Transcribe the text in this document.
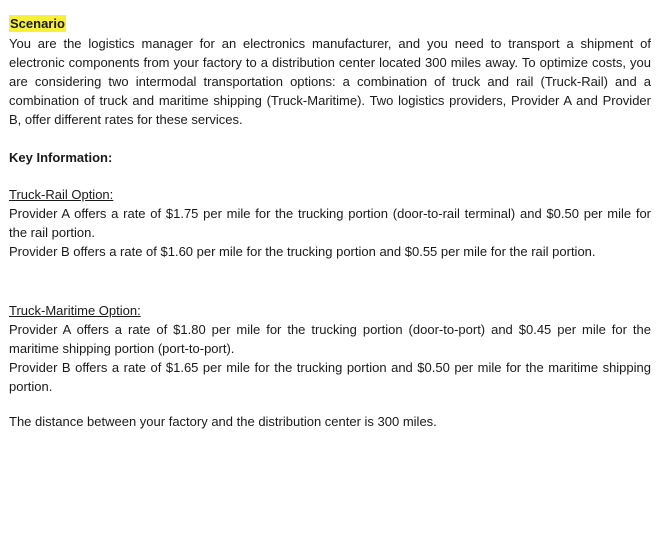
Scenario

You are the logistics manager for an electronics manufacturer, and you need to transport a shipment of electronic components from your factory to a distribution center located 300 miles away. To optimize costs, you are considering two intermodal transportation options: a combination of truck and rail (Truck-Rail) and a combination of truck and maritime shipping (Truck-Maritime). Two logistics providers, Provider A and Provider B, offer different rates for these services.

Key Information:

Truck-Rail Option:

Provider A offers a rate of $1.75 per mile for the trucking portion (door-to-rail terminal) and $0.50 per mile for the rail portion.

Provider B offers a rate of $1.60 per mile for the trucking portion and $0.55 per mile for the rail portion.

Truck-Maritime Option:

Provider A offers a rate of $1.80 per mile for the trucking portion (door-to-port) and $0.45 per mile for the maritime shipping portion (port-to-port).

Provider B offers a rate of $1.65 per mile for the trucking portion and $0.50 per mile for the maritime shipping portion.

The distance between your factory and the distribution center is 300 miles.
